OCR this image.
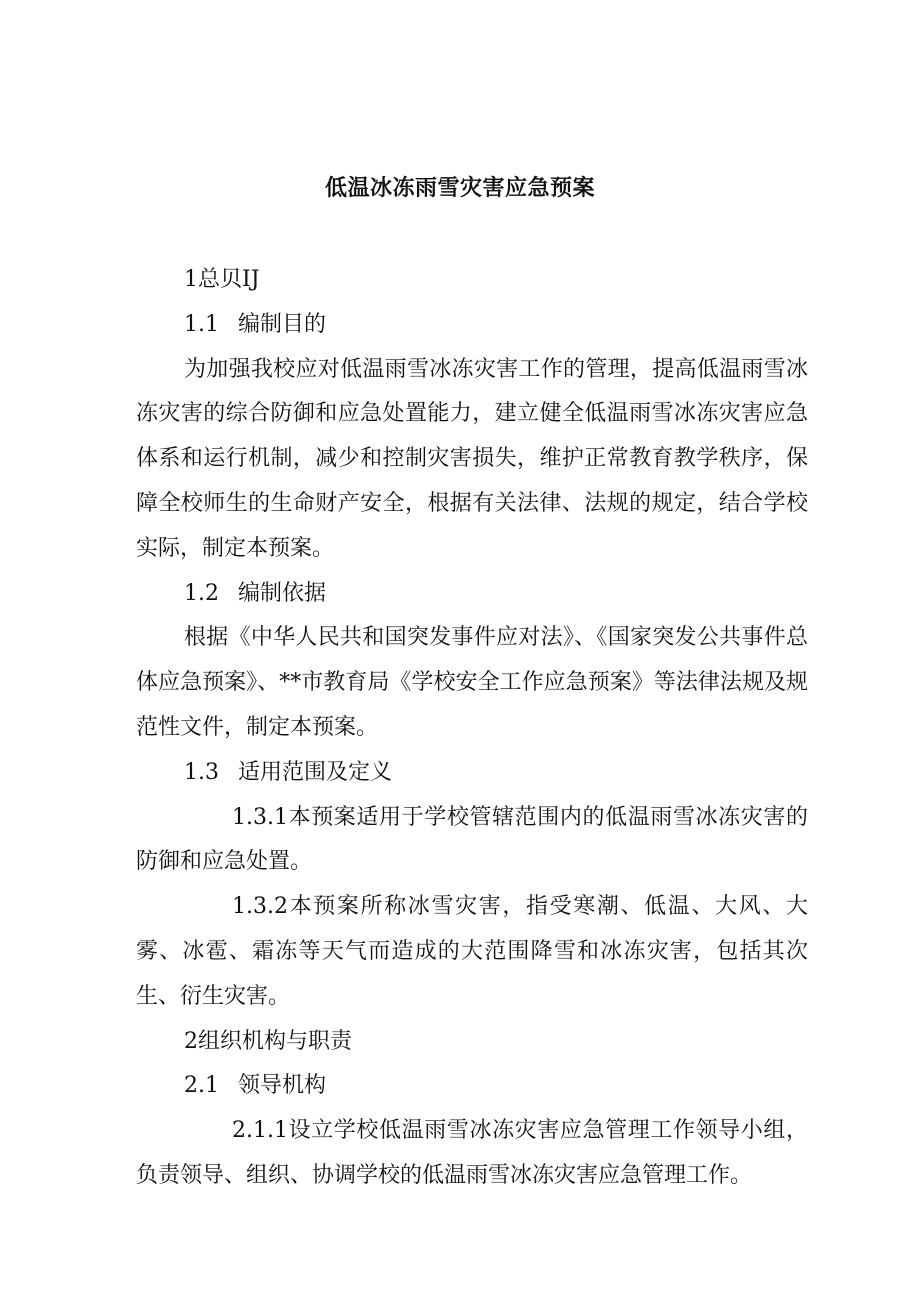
低温冰冻雨雪灾害应急预案
1总贝IJ
1.1 编制目的

为加强我校应对低温雨雪冰冻灾害工作的管理，提高低温雨雪冰冻灾害的综合防御和应急处置能力，建立健全低温雨雪冰冻灾害应急体系和运行机制，减少和控制灾害损失，维护正常教育教学秩序，保障全校师生的生命财产安全，根据有关法律、法规的规定，结合学校实际，制定本预案。

1.2 编制依据

根据《中华人民共和国突发事件应对法》、《国家突发公共事件总体应急预案》、**市教育局《学校安全工作应急预案》等法律法规及规范性文件，制定本预案。

1.3 适用范围及定义

1.3.1本预案适用于学校管辖范围内的低温雨雪冰冻灾害的防御和应急处置。

1.3.2本预案所称冰雪灾害，指受寒潮、低温、大风、大雾、冰雹、霜冻等天气而造成的大范围降雪和冰冻灾害，包括其次生、衍生灾害。

2组织机构与职责
2.1 领导机构

2.1.1设立学校低温雨雪冰冻灾害应急管理工作领导小组，负责领导、组织、协调学校的低温雨雪冰冻灾害应急管理工作。
